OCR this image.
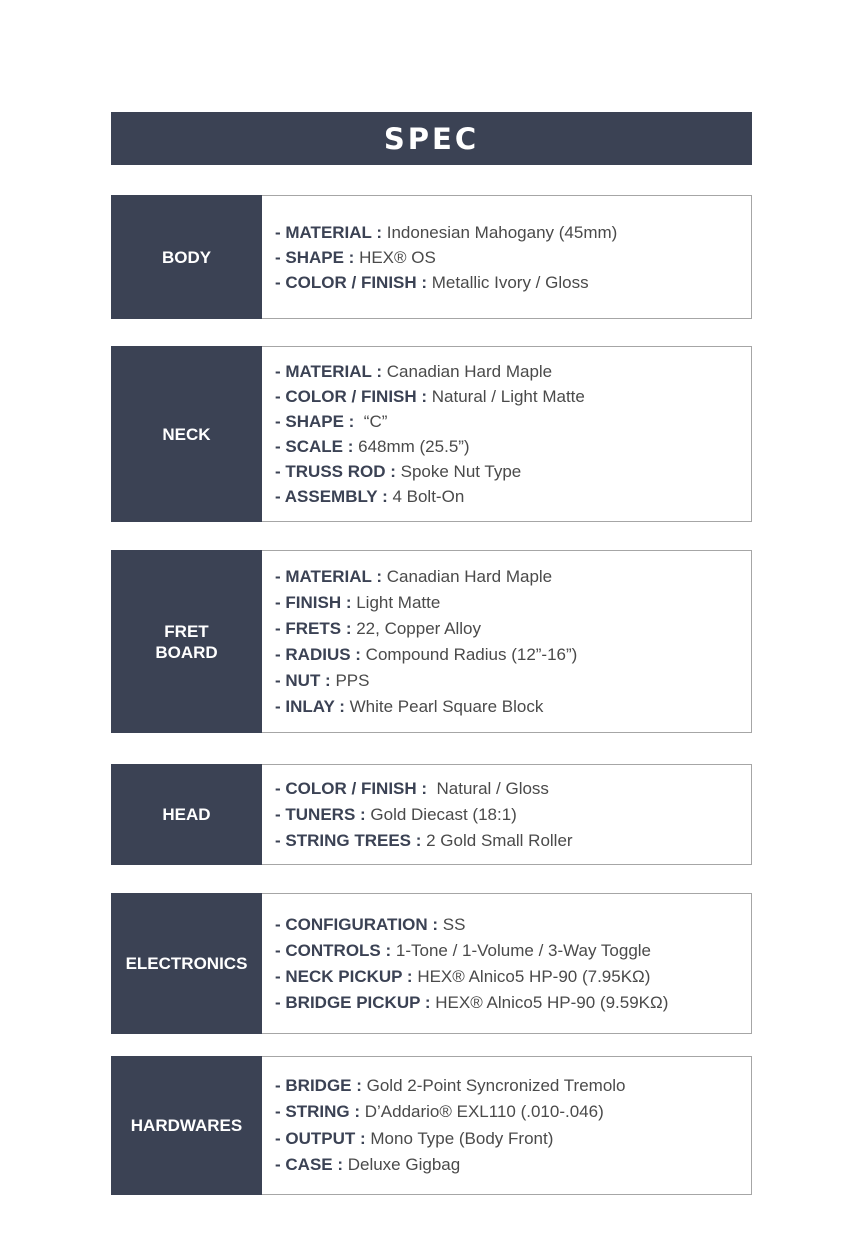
SPEC
BODY
- MATERIAL : Indonesian Mahogany (45mm)
- SHAPE : HEX® OS
- COLOR / FINISH : Metallic Ivory / Gloss
NECK
- MATERIAL : Canadian Hard Maple
- COLOR / FINISH : Natural / Light Matte
- SHAPE :  “C”
- SCALE : 648mm (25.5”)
- TRUSS ROD : Spoke Nut Type
- ASSEMBLY : 4 Bolt-On
FRET
BOARD
- MATERIAL : Canadian Hard Maple
- FINISH : Light Matte
- FRETS : 22, Copper Alloy
- RADIUS : Compound Radius (12”-16”)
- NUT : PPS
- INLAY : White Pearl Square Block
HEAD
- COLOR / FINISH :  Natural / Gloss
- TUNERS : Gold Diecast (18:1)
- STRING TREES : 2 Gold Small Roller
ELECTRONICS
- CONFIGURATION : SS
- CONTROLS : 1-Tone / 1-Volume / 3-Way Toggle
- NECK PICKUP : HEX® Alnico5 HP-90 (7.95KΩ)
- BRIDGE PICKUP : HEX® Alnico5 HP-90 (9.59KΩ)
HARDWARES
- BRIDGE : Gold 2-Point Syncronized Tremolo
- STRING : D’Addario® EXL110 (.010-.046)
- OUTPUT : Mono Type (Body Front)
- CASE : Deluxe Gigbag
